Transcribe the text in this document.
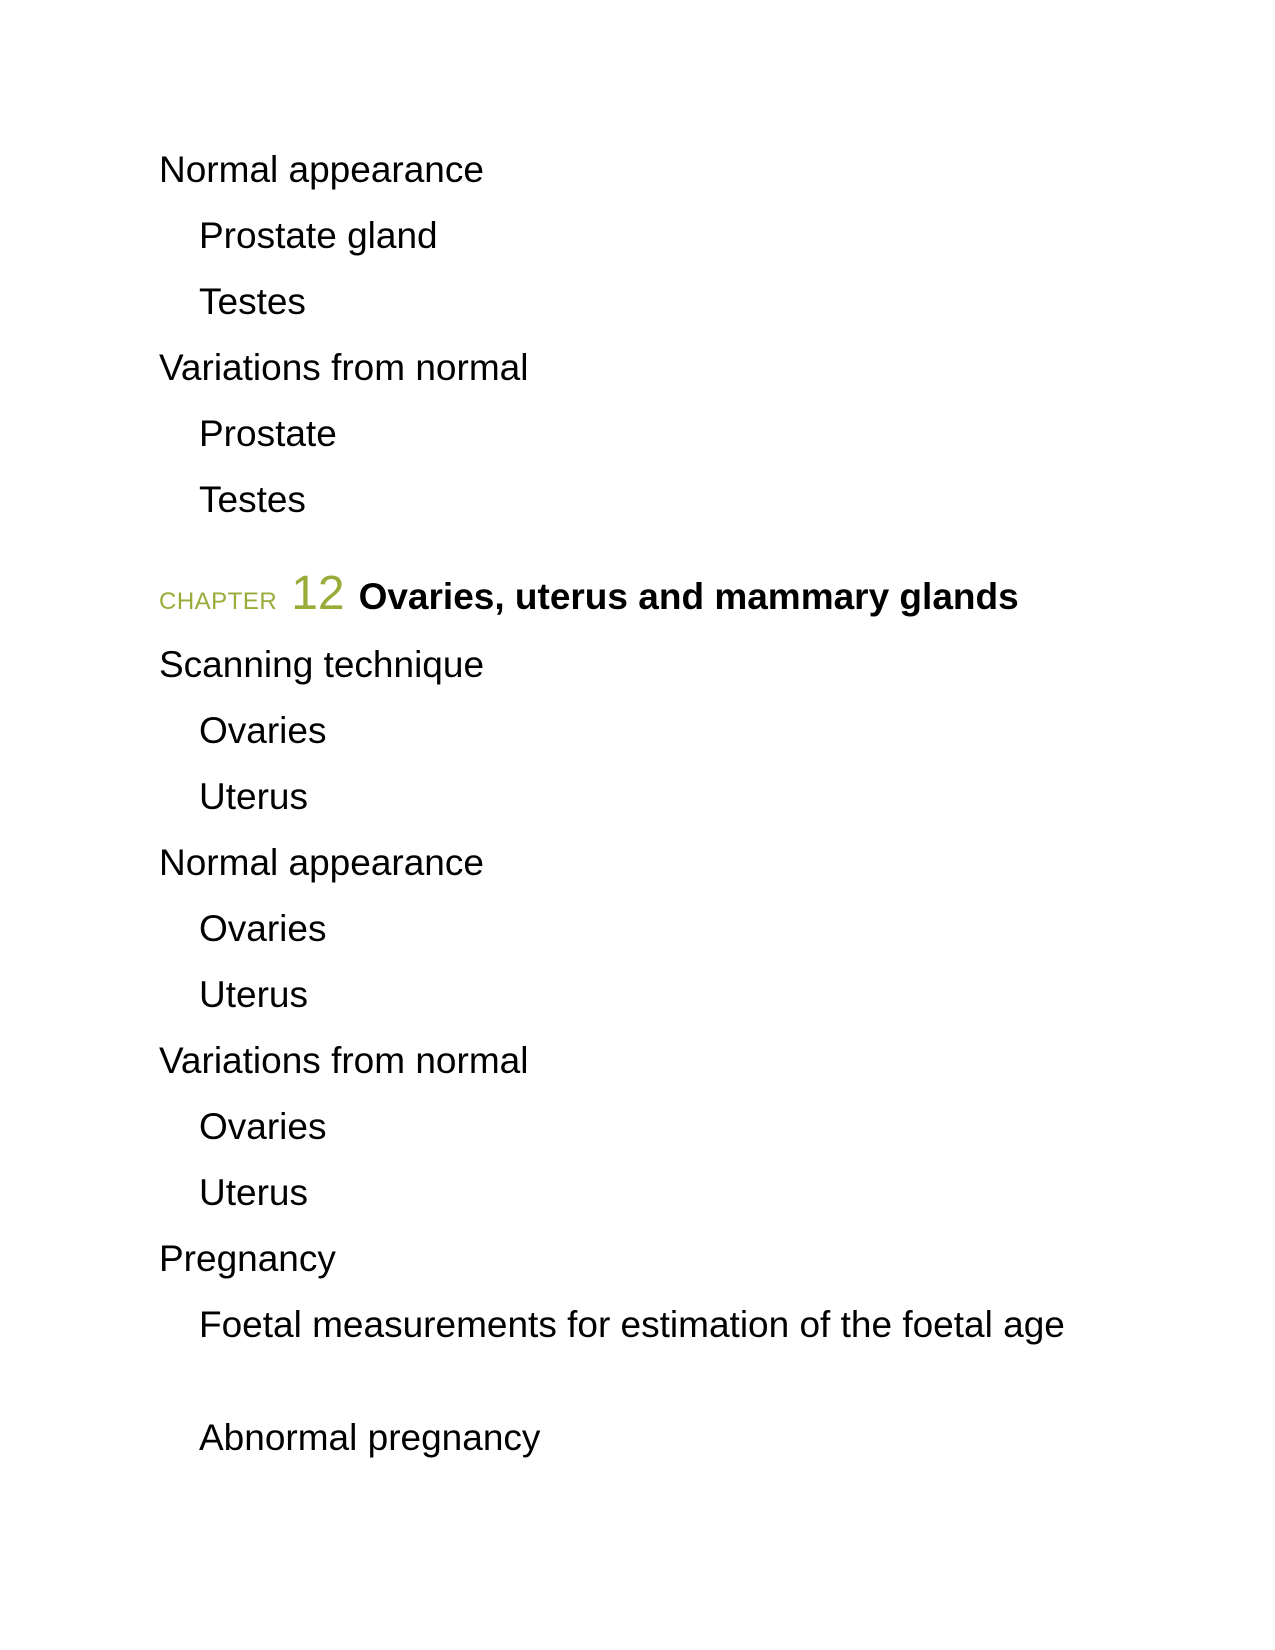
Normal appearance
Prostate gland
Testes
Variations from normal
Prostate
Testes
CHAPTER 12 Ovaries, uterus and mammary glands
Scanning technique
Ovaries
Uterus
Normal appearance
Ovaries
Uterus
Variations from normal
Ovaries
Uterus
Pregnancy
Foetal measurements for estimation of the foetal age
Abnormal pregnancy
